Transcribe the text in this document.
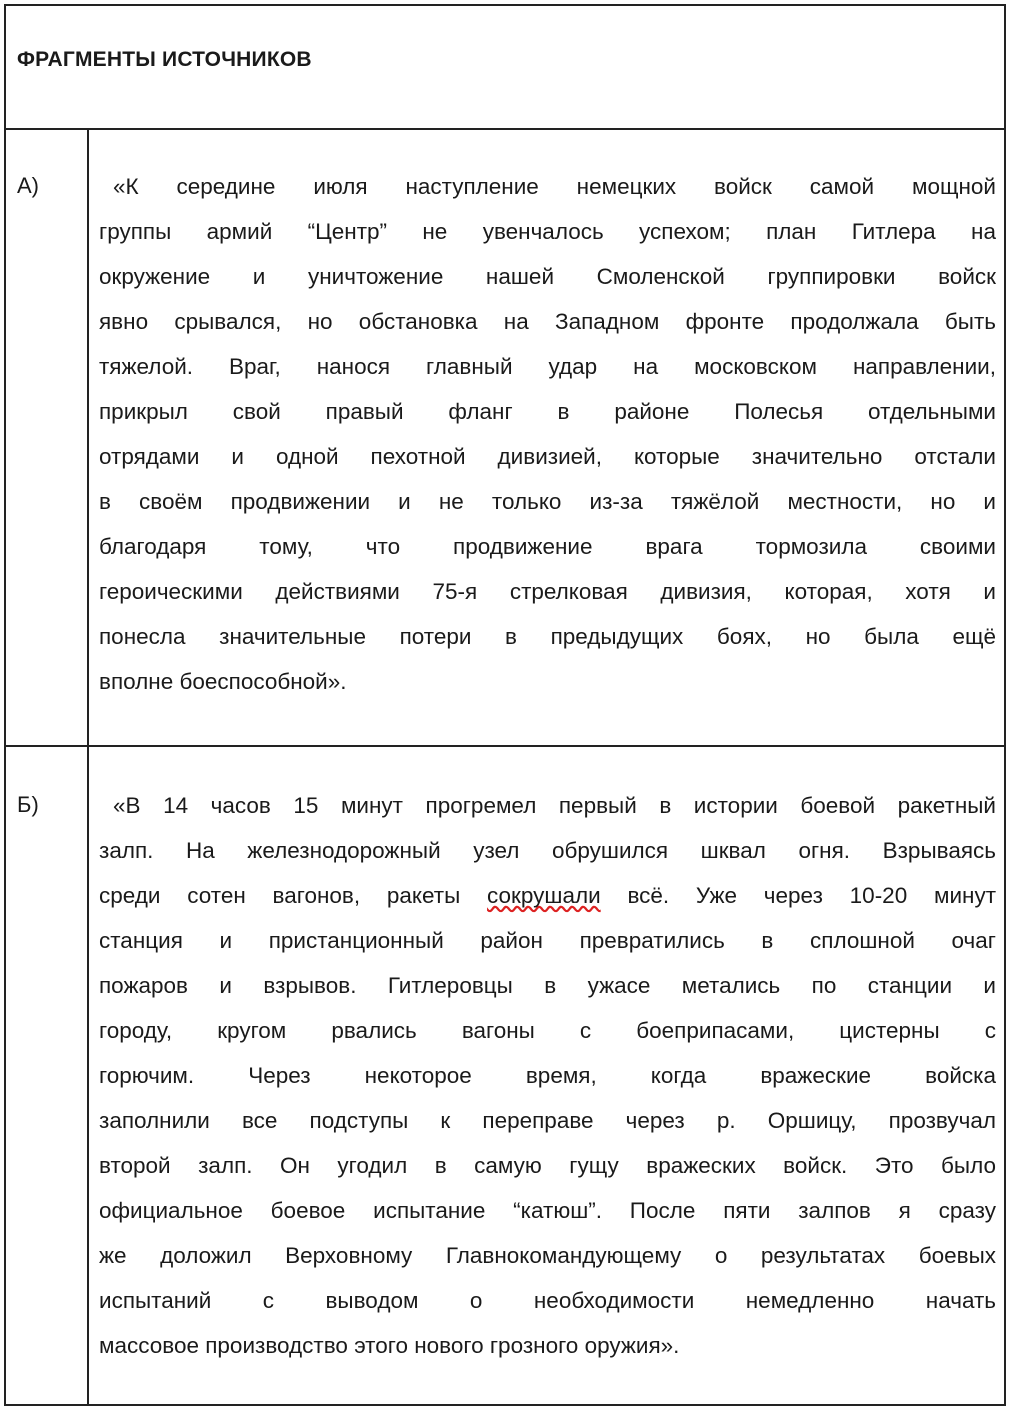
ФРАГМЕНТЫ ИСТОЧНИКОВ
А)	«К середине июля наступление немецких войск самой мощной
группы армий “Центр” не увенчалось успехом; план Гитлера на
окружение и уничтожение нашей Смоленской группировки войск
явно срывался, но обстановка на Западном фронте продолжала быть
тяжелой. Враг, нанося главный удар на московском направлении,
прикрыл свой правый фланг в районе Полесья отдельными
отрядами и одной пехотной дивизией, которые значительно отстали
в своём продвижении и не только из-за тяжёлой местности, но и
благодаря тому, что продвижение врага тормозила своими
героическими действиями 75-я стрелковая дивизия, которая, хотя и
понесла значительные потери в предыдущих боях, но была ещё
вполне боеспособной».
Б)	«В 14 часов 15 минут прогремел первый в истории боевой ракетный
залп. На железнодорожный узел обрушился шквал огня. Взрываясь
среди сотен вагонов, ракеты сокрушали всё. Уже через 10-20 минут
станция и пристанционный район превратились в сплошной очаг
пожаров и взрывов. Гитлеровцы в ужасе метались по станции и
городу, кругом рвались вагоны с боеприпасами, цистерны с
горючим. Через некоторое время, когда вражеские войска
заполнили все подступы к переправе через р. Оршицу, прозвучал
второй залп. Он угодил в самую гущу вражеских войск. Это было
официальное боевое испытание “катюш”. После пяти залпов я сразу
же доложил Верховному Главнокомандующему о результатах боевых
испытаний с выводом о необходимости немедленно начать
массовое производство этого нового грозного оружия».
